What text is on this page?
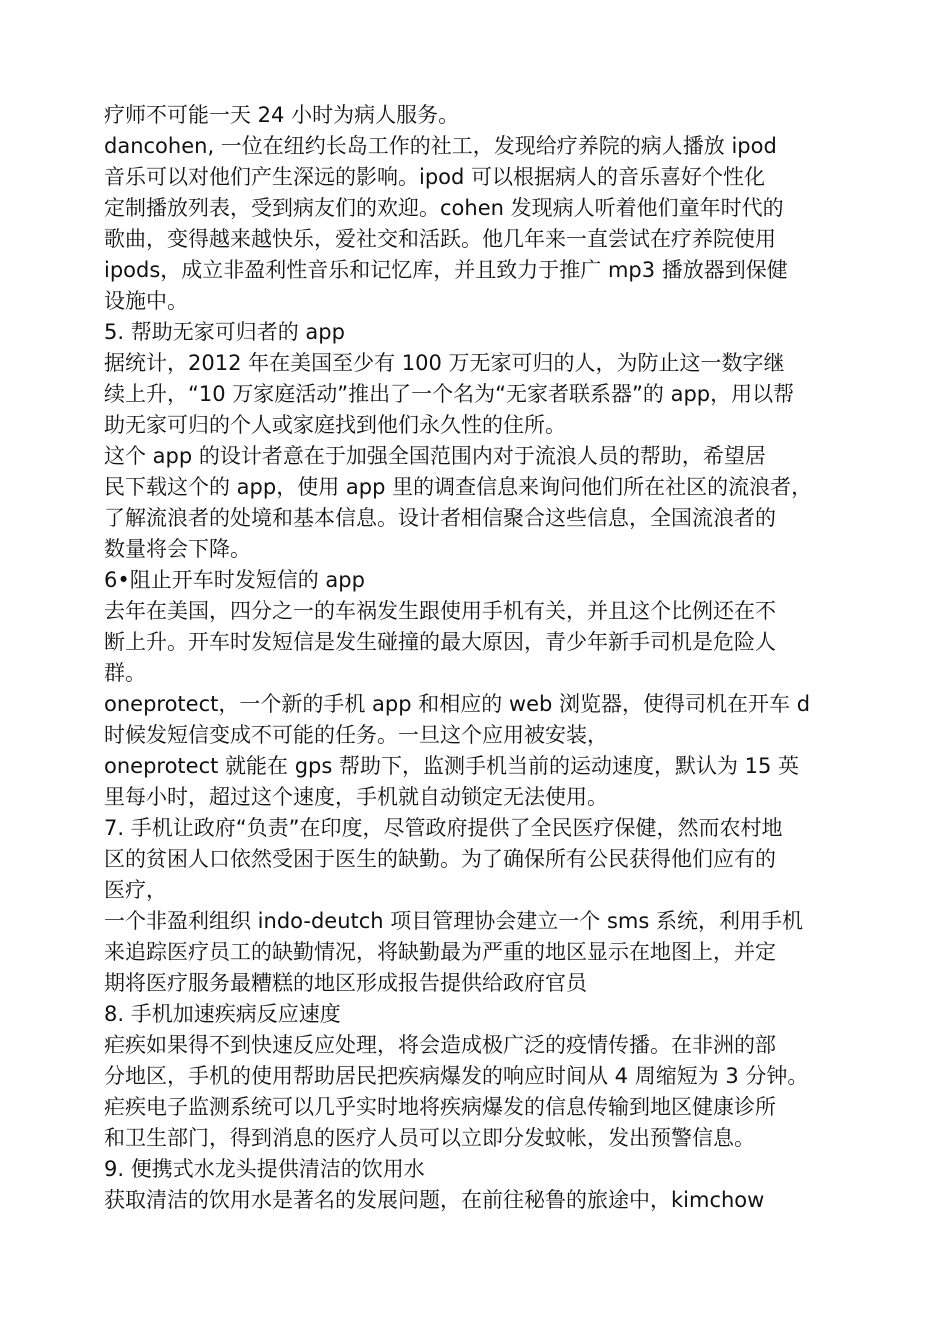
疗师不可能一天 24 小时为病人服务。
dancohen, 一位在纽约长岛工作的社工，发现给疗养院的病人播放 ipod
音乐可以对他们产生深远的影响。ipod 可以根据病人的音乐喜好个性化
定制播放列表，受到病友们的欢迎。cohen 发现病人听着他们童年时代的
歌曲，变得越来越快乐，爱社交和活跃。他几年来一直尝试在疗养院使用
ipods，成立非盈利性音乐和记忆库，并且致力于推广 mp3 播放器到保健
设施中。
5. 帮助无家可归者的 app
据统计，2012 年在美国至少有 100 万无家可归的人，为防止这一数字继
续上升，“10 万家庭活动”推出了一个名为“无家者联系器”的 app，用以帮
助无家可归的个人或家庭找到他们永久性的住所。
这个 app 的设计者意在于加强全国范围内对于流浪人员的帮助，希望居
民下载这个的 app，使用 app 里的调查信息来询问他们所在社区的流浪者，
了解流浪者的处境和基本信息。设计者相信聚合这些信息，全国流浪者的
数量将会下降。
6•阻止开车时发短信的 app
去年在美国，四分之一的车祸发生跟使用手机有关，并且这个比例还在不
断上升。开车时发短信是发生碰撞的最大原因，青少年新手司机是危险人
群。
oneprotect，一个新的手机 app 和相应的 web 浏览器，使得司机在开车 d
时候发短信变成不可能的任务。一旦这个应用被安装，
oneprotect 就能在 gps 帮助下，监测手机当前的运动速度，默认为 15 英
里每小时，超过这个速度，手机就自动锁定无法使用。
7. 手机让政府“负责”在印度，尽管政府提供了全民医疗保健，然而农村地
区的贫困人口依然受困于医生的缺勤。为了确保所有公民获得他们应有的
医疗，
一个非盈利组织 indo-deutch 项目管理协会建立一个 sms 系统，利用手机
来追踪医疗员工的缺勤情况，将缺勤最为严重的地区显示在地图上，并定
期将医疗服务最糟糕的地区形成报告提供给政府官员
8. 手机加速疾病反应速度
疟疾如果得不到快速反应处理，将会造成极广泛的疫情传播。在非洲的部
分地区，手机的使用帮助居民把疾病爆发的响应时间从 4 周缩短为 3 分钟。
疟疾电子监测系统可以几乎实时地将疾病爆发的信息传输到地区健康诊所
和卫生部门，得到消息的医疗人员可以立即分发蚊帐，发出预警信息。
9. 便携式水龙头提供清洁的饮用水
获取清洁的饮用水是著名的发展问题，在前往秘鲁的旅途中，kimchow
